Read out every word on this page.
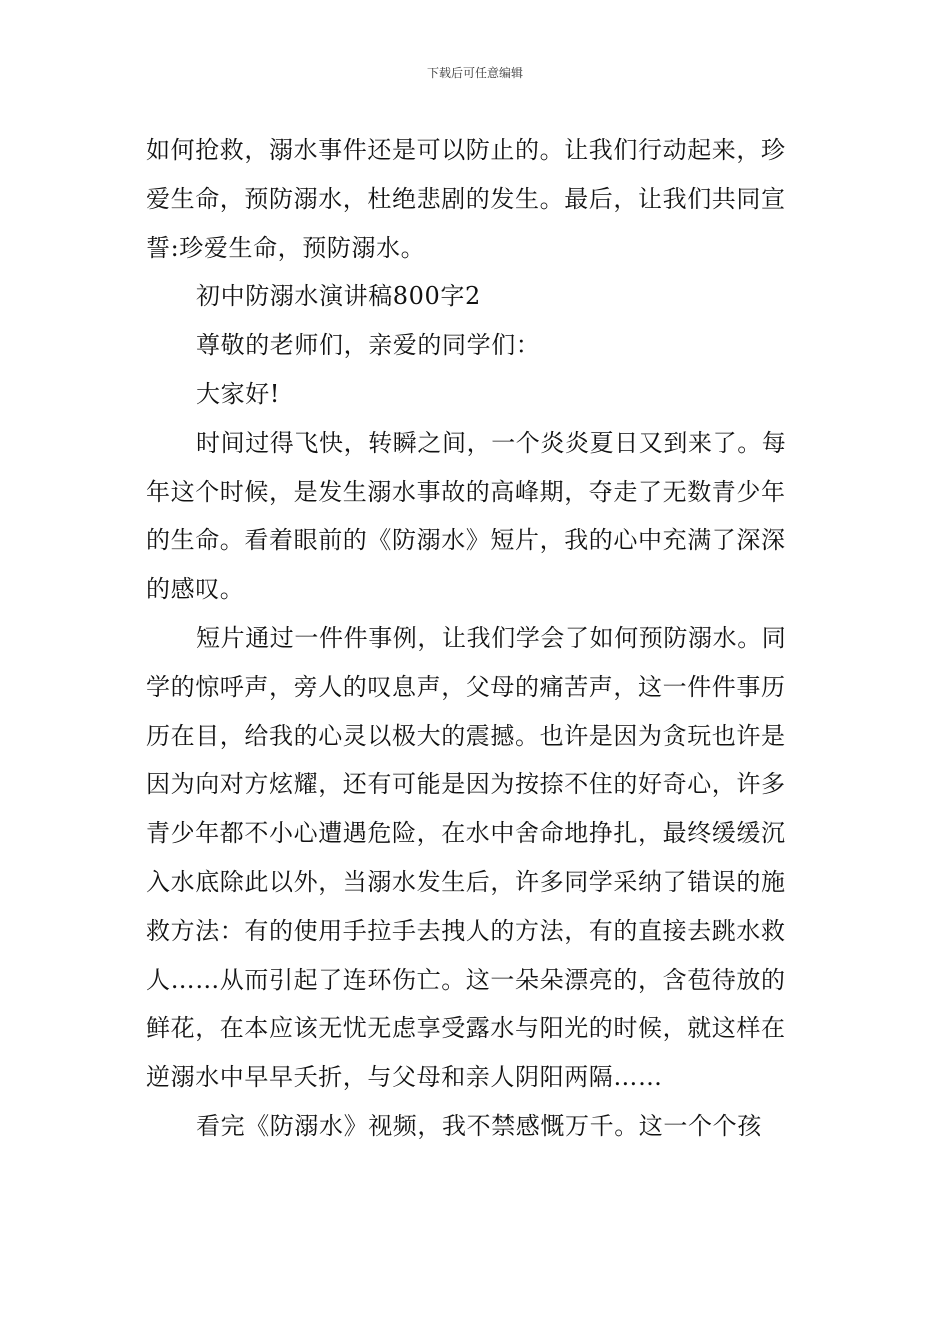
下载后可任意编辑

如何抢救，溺水事件还是可以防止的。让我们行动起来，珍爱生命，预防溺水，杜绝悲剧的发生。最后，让我们共同宣誓:珍爱生命，预防溺水。

初中防溺水演讲稿800字2

尊敬的老师们，亲爱的同学们：

大家好!

时间过得飞快，转瞬之间，一个炎炎夏日又到来了。每年这个时候，是发生溺水事故的高峰期，夺走了无数青少年的生命。看着眼前的《防溺水》短片，我的心中充满了深深的感叹。

短片通过一件件事例，让我们学会了如何预防溺水。同学的惊呼声，旁人的叹息声，父母的痛苦声，这一件件事历历在目，给我的心灵以极大的震撼。也许是因为贪玩也许是因为向对方炫耀，还有可能是因为按捺不住的好奇心，许多青少年都不小心遭遇危险，在水中舍命地挣扎，最终缓缓沉入水底除此以外，当溺水发生后，许多同学采纳了错误的施救方法：有的使用手拉手去拽人的方法，有的直接去跳水救人……从而引起了连环伤亡。这一朵朵漂亮的，含苞待放的鲜花，在本应该无忧无虑享受露水与阳光的时候，就这样在逆溺水中早早夭折，与父母和亲人阴阳两隔……

看完《防溺水》视频，我不禁感慨万千。这一个个孩
